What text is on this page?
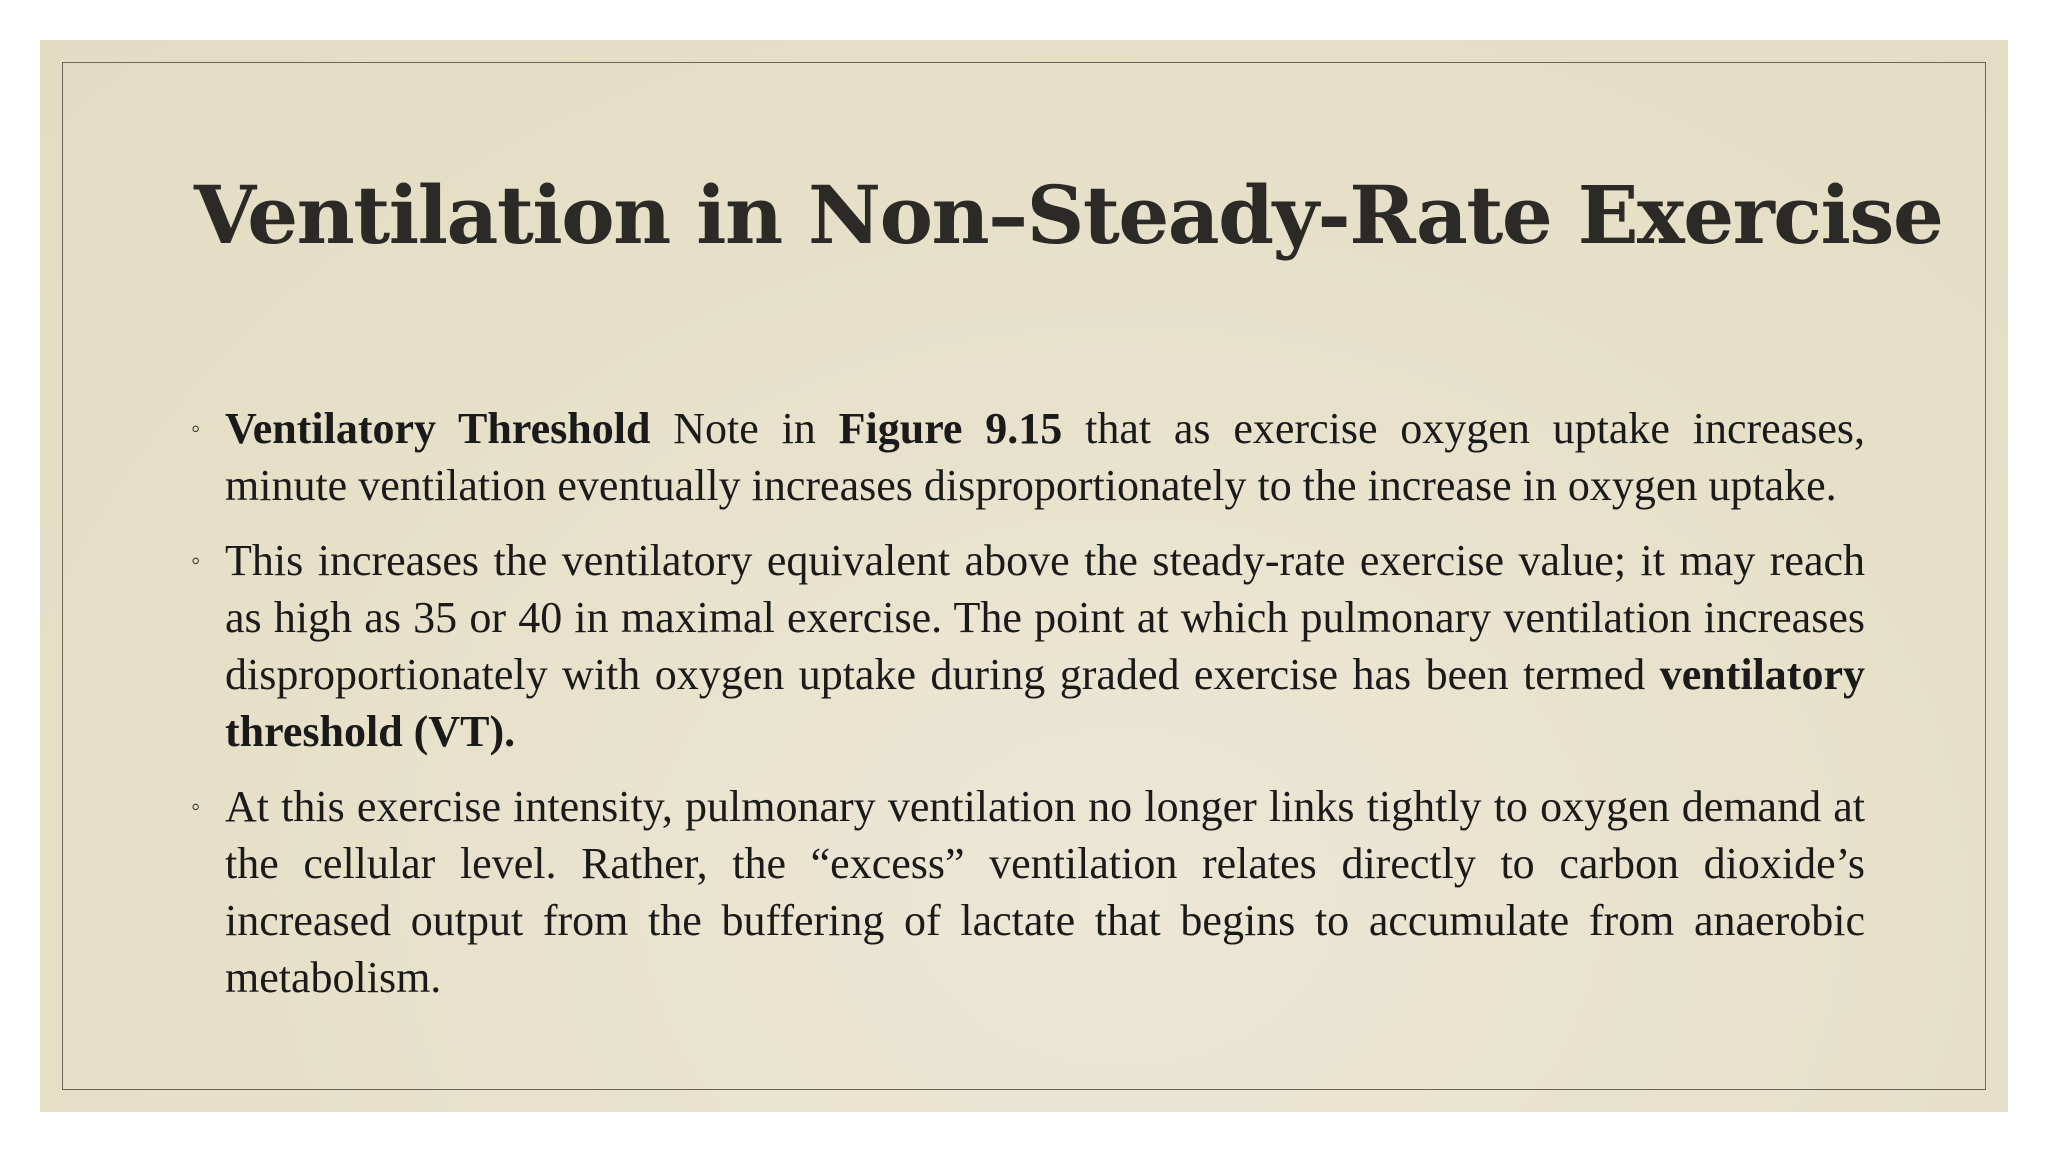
Ventilation in Non–Steady-Rate Exercise
◦ Ventilatory Threshold Note in Figure 9.15 that as exercise oxygen uptake increases, minute ventilation eventually increases disproportionately to the increase in oxygen uptake.
◦ This increases the ventilatory equivalent above the steady-rate exercise value; it may reach as high as 35 or 40 in maximal exercise. The point at which pulmonary ventilation increases disproportionately with oxygen uptake during graded exercise has been termed ventilatory threshold (VT).
◦ At this exercise intensity, pulmonary ventilation no longer links tightly to oxygen demand at the cellular level. Rather, the “excess” ventilation relates directly to carbon dioxide’s increased output from the buffering of lactate that begins to accumulate from anaerobic metabolism.
